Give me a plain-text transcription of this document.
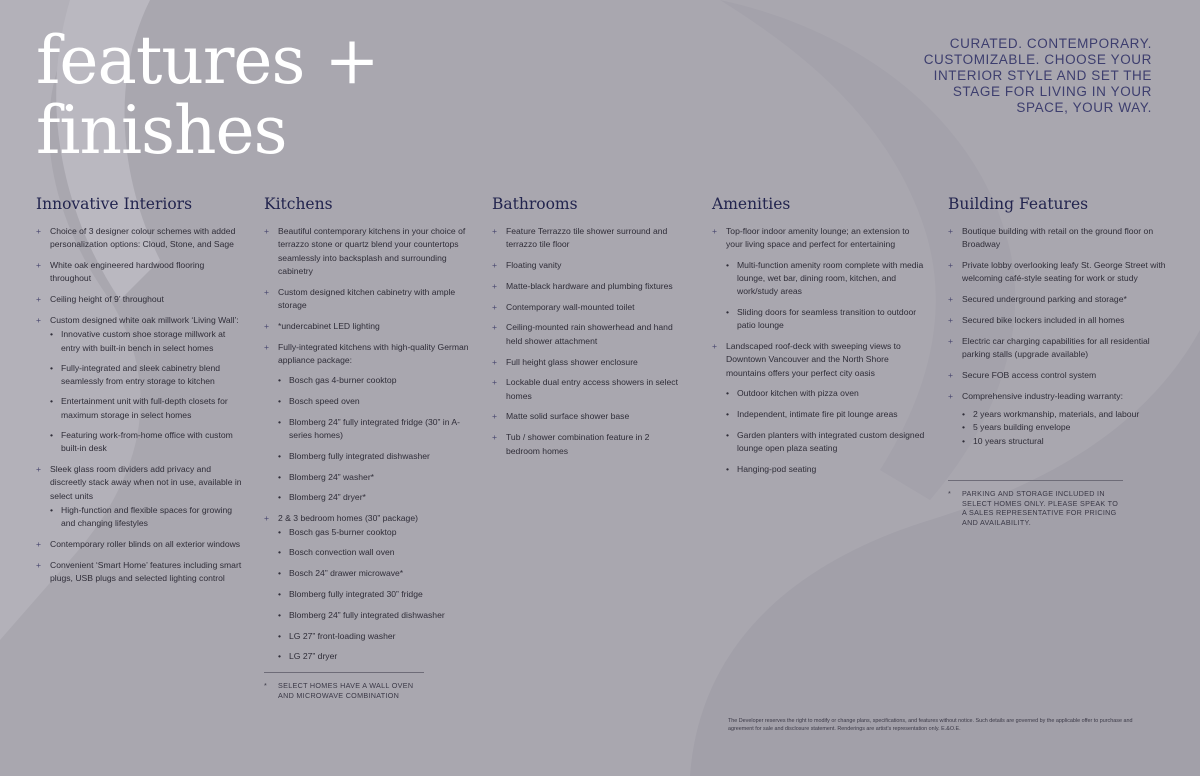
features +
finishes

CURATED. CONTEMPORARY. CUSTOMIZABLE. CHOOSE YOUR INTERIOR STYLE AND SET THE STAGE FOR LIVING IN YOUR SPACE, YOUR WAY.

Innovative Interiors
+ Choice of 3 designer colour schemes with added personalization options: Cloud, Stone, and Sage
+ White oak engineered hardwood flooring throughout
+ Ceiling height of 9’ throughout
+ Custom designed white oak millwork ‘Living Wall’:
• Innovative custom shoe storage millwork at entry with built-in bench in select homes
• Fully-integrated and sleek cabinetry blend seamlessly from entry storage to kitchen
• Entertainment unit with full-depth closets for maximum storage in select homes
• Featuring work-from-home office with custom built-in desk
+ Sleek glass room dividers add privacy and discreetly stack away when not in use, available in select units
• High-function and flexible spaces for growing and changing lifestyles
+ Contemporary roller blinds on all exterior windows
+ Convenient ‘Smart Home’ features including smart plugs, USB plugs and selected lighting control
Kitchens
+ Beautiful contemporary kitchens in your choice of terrazzo stone or quartz blend your countertops seamlessly into backsplash and surrounding cabinetry
+ Custom designed kitchen cabinetry with ample storage
+ *undercabinet LED lighting
+ Fully-integrated kitchens with high-quality German appliance package:
• Bosch gas 4-burner cooktop
• Bosch speed oven
• Blomberg 24” fully integrated fridge (30” in A-series homes)
• Blomberg fully integrated dishwasher
• Blomberg 24” washer*
• Blomberg 24” dryer*
+ 2 & 3 bedroom homes (30” package)
• Bosch gas 5-burner cooktop
• Bosch convection wall oven
• Bosch 24” drawer microwave*
• Blomberg fully integrated 30” fridge
• Blomberg 24” fully integrated dishwasher
• LG 27” front-loading washer
• LG 27” dryer

* SELECT HOMES HAVE A WALL OVEN AND MICROWAVE COMBINATION

Bathrooms
+ Feature Terrazzo tile shower surround and terrazzo tile floor
+ Floating vanity
+ Matte-black hardware and plumbing fixtures
+ Contemporary wall-mounted toilet
+ Ceiling-mounted rain showerhead and hand held shower attachment
+ Full height glass shower enclosure
+ Lockable dual entry access showers in select homes
+ Matte solid surface shower base
+ Tub / shower combination feature in 2 bedroom homes
Amenities
+ Top-floor indoor amenity lounge; an extension to your living space and perfect for entertaining
• Multi-function amenity room complete with media lounge, wet bar, dining room, kitchen, and work/study areas
• Sliding doors for seamless transition to outdoor patio lounge
+ Landscaped roof-deck with sweeping views to Downtown Vancouver and the North Shore mountains offers your perfect city oasis
• Outdoor kitchen with pizza oven
• Independent, intimate fire pit lounge areas
• Garden planters with integrated custom designed lounge open plaza seating
• Hanging-pod seating
Building Features
+ Boutique building with retail on the ground floor on Broadway
+ Private lobby overlooking leafy St. George Street with welcoming café-style seating for work or study
+ Secured underground parking and storage*
+ Secured bike lockers included in all homes
+ Electric car charging capabilities for all residential parking stalls (upgrade available)
+ Secure FOB access control system
+ Comprehensive industry-leading warranty:
• 2 years workmanship, materials, and labour
• 5 years building envelope
• 10 years structural

* PARKING AND STORAGE INCLUDED IN SELECT HOMES ONLY. PLEASE SPEAK TO A SALES REPRESENTATIVE FOR PRICING AND AVAILABILITY.

The Developer reserves the right to modify or change plans, specifications, and features without notice. Such details are governed by the applicable offer to purchase and agreement for sale and disclosure statement. Renderings are artist’s representation only. E.&O.E.
